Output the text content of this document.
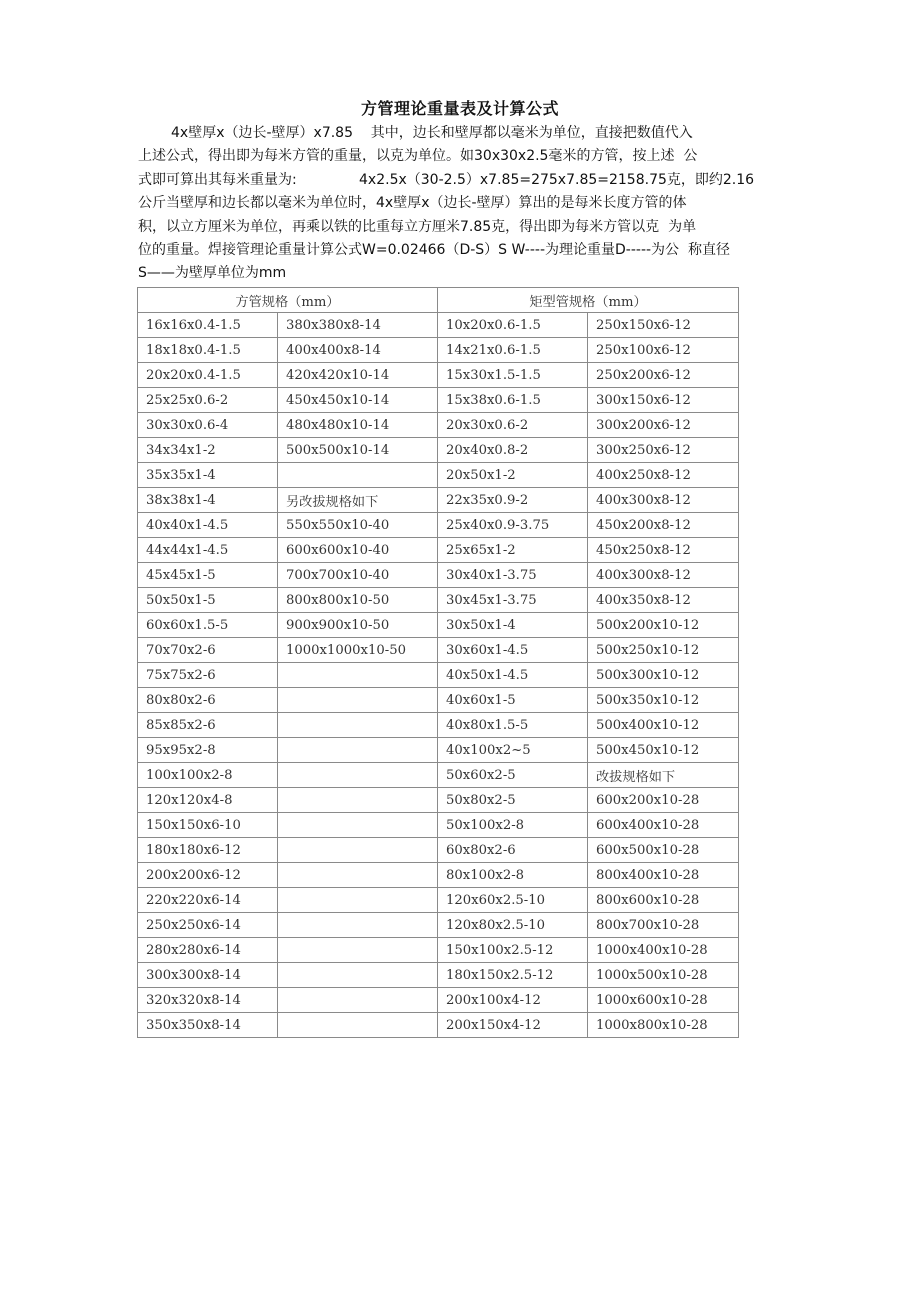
方管理论重量表及计算公式
4x壁厚x（边长-壁厚）x7.85    其中，边长和壁厚都以毫米为单位，直接把数值代入
上述公式，得出即为每米方管的重量，以克为单位。如30x30x2.5毫米的方管，按上述  公
式即可算出其每米重量为:              4x2.5x（30-2.5）x7.85=275x7.85=2158.75克，即约2.16
公斤当壁厚和边长都以毫米为单位时，4x壁厚x（边长-壁厚）算出的是每米长度方管的体
积，以立方厘米为单位，再乘以铁的比重每立方厘米7.85克，得出即为每米方管以克  为单
位的重量。焊接管理论重量计算公式W=0.02466（D-S）S W----为理论重量D-----为公  称直径
S——为壁厚单位为mm
方管规格（mm）		矩型管规格（mm）	
16x16x0.4-1.5	380x380x8-14	10x20x0.6-1.5	250x150x6-12
18x18x0.4-1.5	400x400x8-14	14x21x0.6-1.5	250x100x6-12
20x20x0.4-1.5	420x420x10-14	15x30x1.5-1.5	250x200x6-12
25x25x0.6-2	450x450x10-14	15x38x0.6-1.5	300x150x6-12
30x30x0.6-4	480x480x10-14	20x30x0.6-2	300x200x6-12
34x34x1-2	500x500x10-14	20x40x0.8-2	300x250x6-12
35x35x1-4		20x50x1-2	400x250x8-12
38x38x1-4	另改拔规格如下	22x35x0.9-2	400x300x8-12
40x40x1-4.5	550x550x10-40	25x40x0.9-3.75	450x200x8-12
44x44x1-4.5	600x600x10-40	25x65x1-2	450x250x8-12
45x45x1-5	700x700x10-40	30x40x1-3.75	400x300x8-12
50x50x1-5	800x800x10-50	30x45x1-3.75	400x350x8-12
60x60x1.5-5	900x900x10-50	30x50x1-4	500x200x10-12
70x70x2-6	1000x1000x10-50	30x60x1-4.5	500x250x10-12
75x75x2-6		40x50x1-4.5	500x300x10-12
80x80x2-6		40x60x1-5	500x350x10-12
85x85x2-6		40x80x1.5-5	500x400x10-12
95x95x2-8		40x100x2~5	500x450x10-12
100x100x2-8		50x60x2-5	改拔规格如下
120x120x4-8		50x80x2-5	600x200x10-28
150x150x6-10		50x100x2-8	600x400x10-28
180x180x6-12		60x80x2-6	600x500x10-28
200x200x6-12		80x100x2-8	800x400x10-28
220x220x6-14		120x60x2.5-10	800x600x10-28
250x250x6-14		120x80x2.5-10	800x700x10-28
280x280x6-14		150x100x2.5-12	1000x400x10-28
300x300x8-14		180x150x2.5-12	1000x500x10-28
320x320x8-14		200x100x4-12	1000x600x10-28
350x350x8-14		200x150x4-12	1000x800x10-28
